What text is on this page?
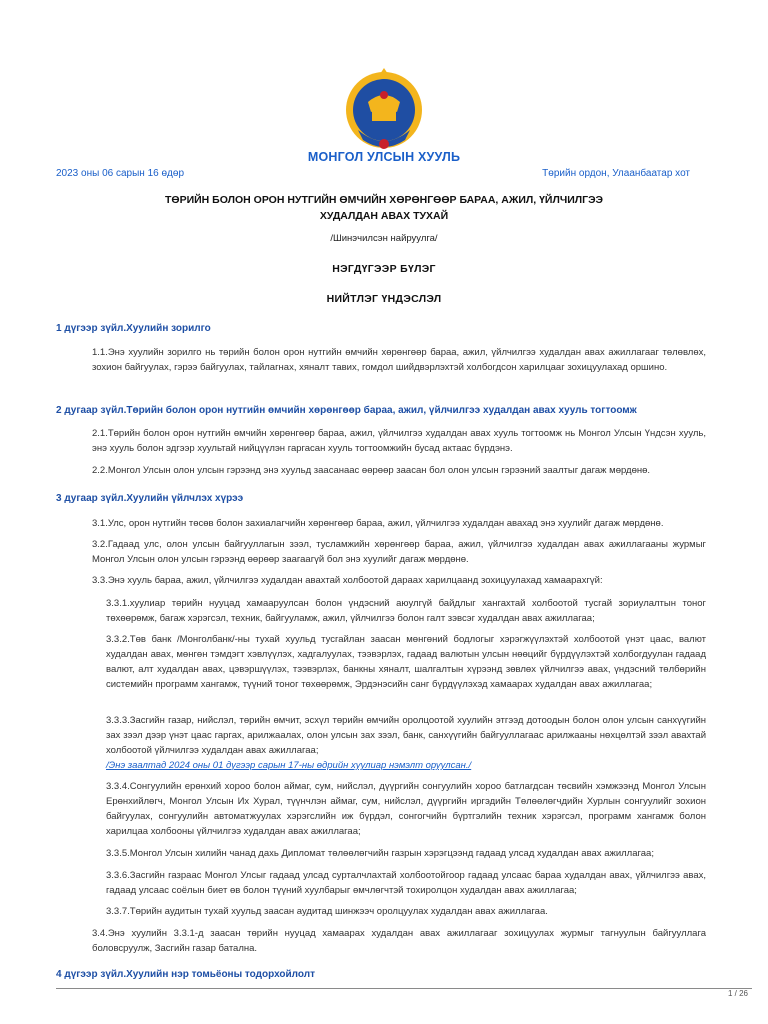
МОНГОЛ УЛСЫН ХУУЛЬ
2023 оны 06 сарын 16 өдөр	Төрийн ордон, Улаанбаатар хот
ТӨРИЙН БОЛОН ОРОН НУТГИЙН ӨМЧИЙН ХӨРӨНГӨӨР БАРАА, АЖИЛ, ҮЙЛЧИЛГЭЭ
ХУДАЛДАН АВАХ ТУХАЙ
/Шинэчилсэн найруулга/
НЭГДҮГЭЭР БҮЛЭГ
НИЙТЛЭГ ҮНДЭСЛЭЛ
1 дүгээр зүйл.Хуулийн зорилго
1.1.Энэ хуулийн зорилго нь төрийн болон орон нутгийн өмчийн хөрөнгөөр бараа, ажил, үйлчилгээ худалдан авах ажиллагааг төлөвлөх, зохион байгуулах, гэрээ байгуулах, тайлагнах, хяналт тавих, гомдол шийдвэрлэхтэй холбогдсон харилцааг зохицуулахад оршино.
2 дугаар зүйл.Төрийн болон орон нутгийн өмчийн хөрөнгөөр бараа, ажил, үйлчилгээ худалдан авах хууль тогтоомж
2.1.Төрийн болон орон нутгийн өмчийн хөрөнгөөр бараа, ажил, үйлчилгээ худалдан авах хууль тогтоомж нь Монгол Улсын Үндсэн хууль, энэ хууль болон эдгээр хуультай нийцүүлэн гаргасан хууль тогтоомжийн бусад актаас бүрдэнэ.
2.2.Монгол Улсын олон улсын гэрээнд энэ хуульд заасанаас өөрөөр заасан бол олон улсын гэрээний заалтыг дагаж мөрдөнө.
3 дугаар зүйл.Хуулийн үйлчлэх хүрээ
3.1.Улс, орон нутгийн төсөв болон захиалагчийн хөрөнгөөр бараа, ажил, үйлчилгээ худалдан авахад энэ хуулийг дагаж мөрдөнө.
3.2.Гадаад улс, олон улсын байгууллагын зээл, тусламжийн хөрөнгөөр бараа, ажил, үйлчилгээ худалдан авах ажиллагааны журмыг Монгол Улсын олон улсын гэрээнд өөрөөр заагаагүй бол энэ хуулийг дагаж мөрдөнө.
3.3.Энэ хууль бараа, ажил, үйлчилгээ худалдан авахтай холбоотой дараах харилцаанд зохицуулахад хамаарахгүй:
3.3.1.хуулиар төрийн нууцад хамааруулсан болон үндэсний аюулгүй байдлыг хангахтай холбоотой тусгай зориулалтын тоног төхөөрөмж, багаж хэрэгсэл, техник, байгууламж, ажил, үйлчилгээ болон галт зэвсэг худалдан авах ажиллагаа;
3.3.2.Төв банк /Монголбанк/-ны тухай хуульд тусгайлан заасан мөнгөний бодлогыг хэрэгжүүлэхтэй холбоотой үнэт цаас, валют худалдан авах, мөнгөн тэмдэгт хэвлүүлэх, хадгалуулах, тээвэрлэх, гадаад валютын улсын нөөцийг бүрдүүлэхтэй холбогдуулан гадаад валют, алт худалдан авах, цэвэршүүлэх, тээвэрлэх, банкны хяналт, шалгалтын хүрээнд зөвлөх үйлчилгээ авах, үндэсний төлбөрийн системийн программ хангамж, түүний тоног төхөөрөмж, Эрдэнэсийн санг бүрдүүлэхэд хамаарах худалдан авах ажиллагаа;
3.3.3.Засгийн газар, нийслэл, төрийн өмчит, эсхүл төрийн өмчийн оролцоотой хуулийн этгээд дотоодын болон олон улсын санхүүгийн зах зээл дээр үнэт цаас гаргах, арилжаалах, олон улсын зах зээл, банк, санхүүгийн байгууллагаас арилжааны нөхцөлтэй зээл авахтай холбоотой үйлчилгээ худалдан авах ажиллагаа;
/Энэ заалтад 2024 оны 01 дүгээр сарын 17-ны өдрийн хуулиар нэмэлт оруулсан./
3.3.4.Сонгуулийн ерөнхий хороо болон аймаг, сум, нийслэл, дүүргийн сонгуулийн хороо батлагдсан төсвийн хэмжээнд Монгол Улсын Ерөнхийлөгч, Монгол Улсын Их Хурал, түүнчлэн аймаг, сум, нийслэл, дүүргийн иргэдийн Төлөөлөгчдийн Хурлын сонгуулийг зохион байгуулах, сонгуулийн автоматжуулах хэрэгслийн иж бүрдэл, сонгогчийн бүртгэлийн техник хэрэгсэл, программ хангамж болон харилцаа холбооны үйлчилгээ худалдан авах ажиллагаа;
3.3.5.Монгол Улсын хилийн чанад дахь Дипломат төлөөлөгчийн газрын хэрэгцээнд гадаад улсад худалдан авах ажиллагаа;
3.3.6.Засгийн газраас Монгол Улсыг гадаад улсад сурталчлахтай холбоотойгоор гадаад улсаас бараа худалдан авах, үйлчилгээ авах, гадаад улсаас соёлын биет өв болон түүний хуулбарыг өмчлөгчтэй тохиролцон худалдан авах ажиллагаа;
3.3.7.Төрийн аудитын тухай хуульд заасан аудитад шинжээч оролцуулах худалдан авах ажиллагаа.
3.4.Энэ хуулийн 3.3.1-д заасан төрийн нууцад хамаарах худалдан авах ажиллагааг зохицуулах журмыг тагнуулын байгууллага боловсруулж, Засгийн газар батална.
4 дүгээр зүйл.Хуулийн нэр томьёоны тодорхойлолт
1 / 26
